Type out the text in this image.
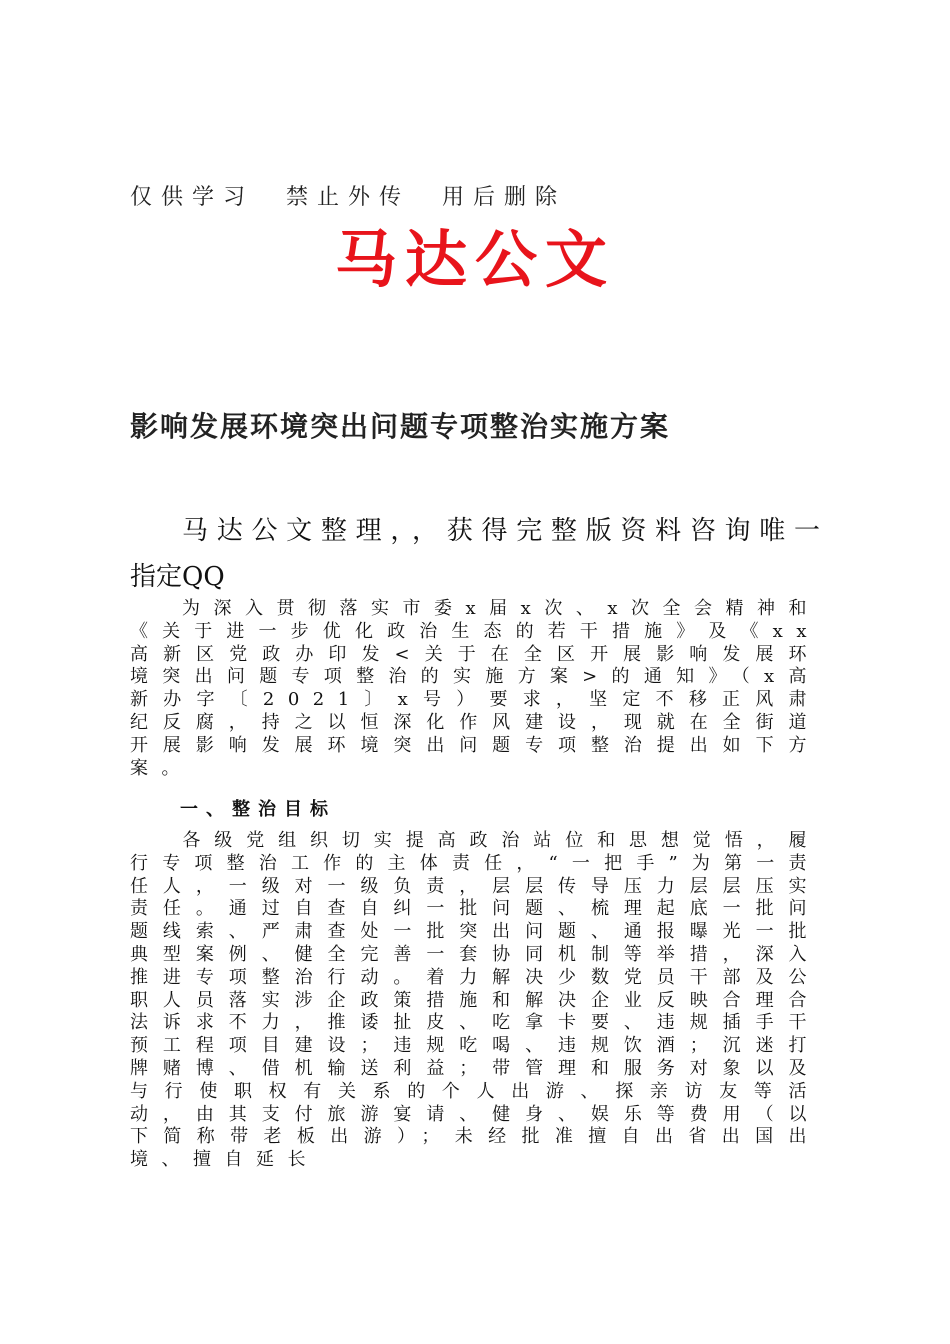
仅供学习  禁止外传  用后删除
马达公文
影响发展环境突出问题专项整治实施方案
马达公文整理，，获得完整版资料咨询唯一
指定QQ
为深入贯彻落实市委x届x次、x次全会精神和《关于进一步优化政治生态的若干措施》及《xx高新区党政办印发<关于在全区开展影响发展环境突出问题专项整治的实施方案>的通知》（x高新办字〔2021〕x号）要求，坚定不移正风肃纪反腐，持之以恒深化作风建设，现就在全街道开展影响发展环境突出问题专项整治提出如下方案。
一、整治目标
各级党组织切实提高政治站位和思想觉悟，履行专项整治工作的主体责任，“一把手”为第一责任人，一级对一级负责，层层传导压力层层压实责任。通过自查自纠一批问题、梳理起底一批问题线索、严肃查处一批突出问题、通报曝光一批典型案例、健全完善一套协同机制等举措，深入推进专项整治行动。着力解决少数党员干部及公职人员落实涉企政策措施和解决企业反映合理合法诉求不力，推诿扯皮、吃拿卡要、违规插手干预工程项目建设；违规吃喝、违规饮酒；沉迷打牌赌博、借机输送利益；带管理和服务对象以及与行使职权有关系的个人出游、探亲访友等活动，由其支付旅游宴请、健身、娱乐等费用（以下简称带老板出游）；未经批准擅自出省出国出境、擅自延长
